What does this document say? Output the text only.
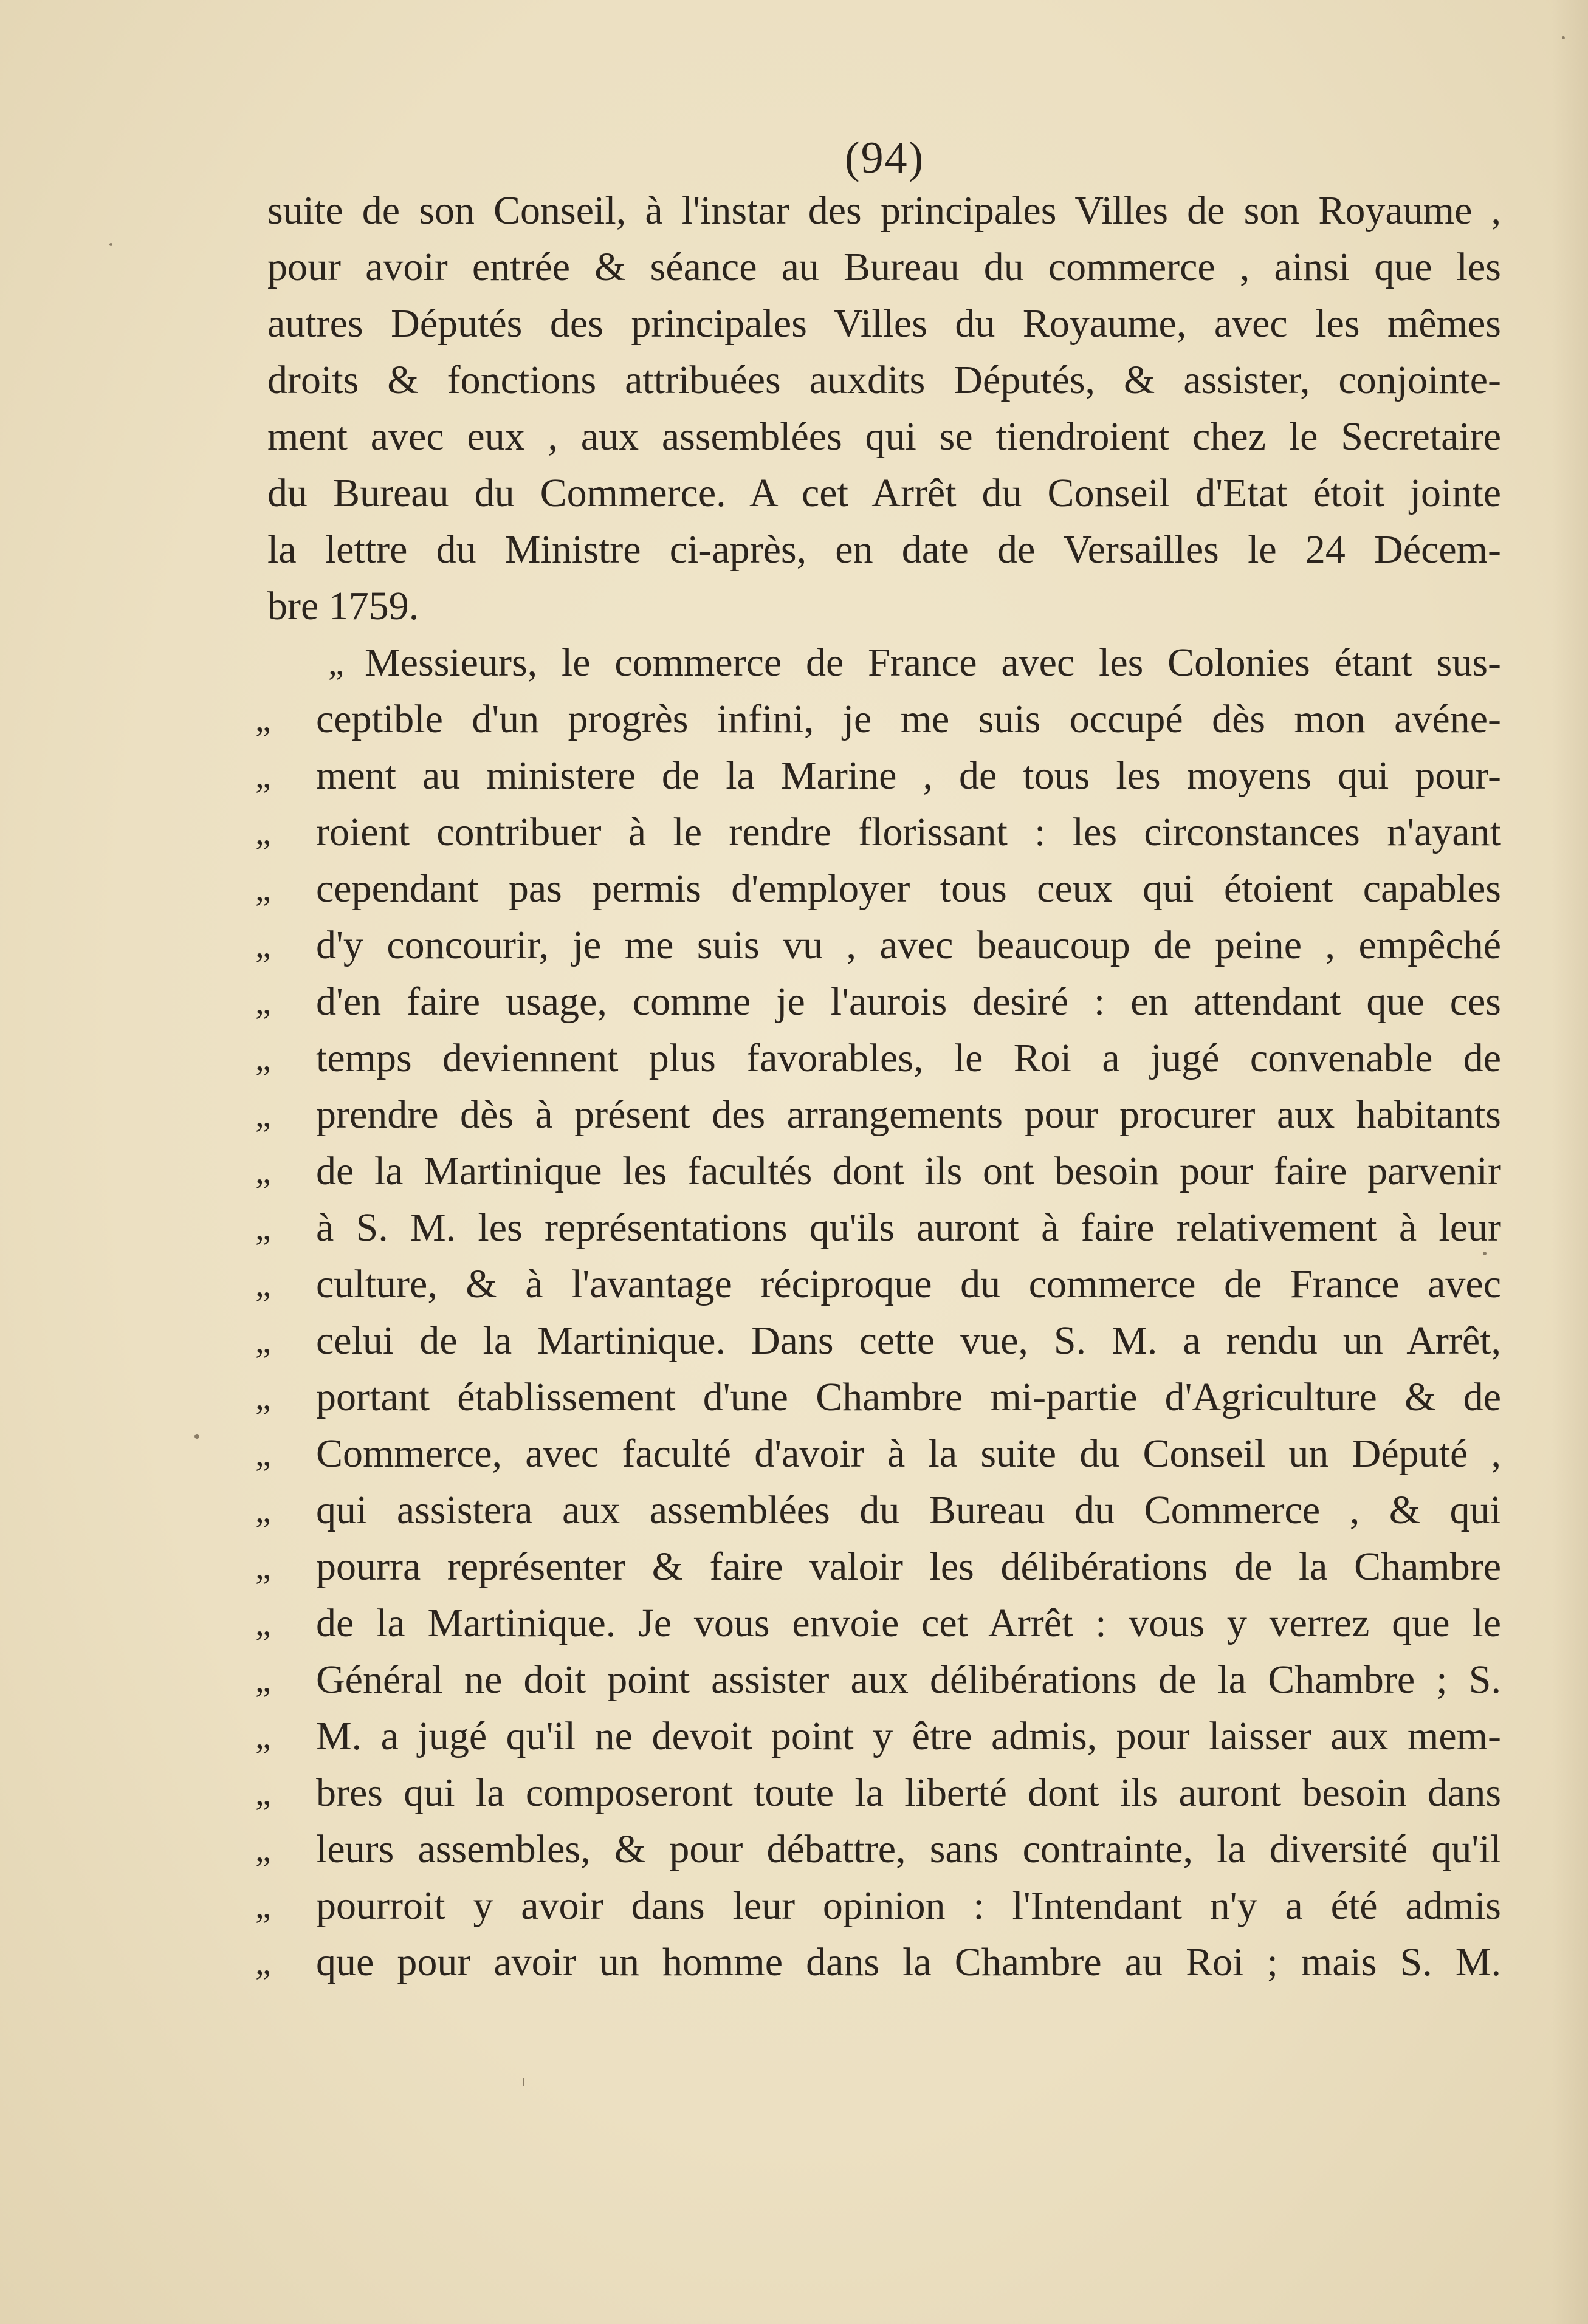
(94)
suite de son Conseil, à l'instar des principales Villes de son Royaume ,
pour avoir entrée & séance au Bureau du commerce , ainsi que les
autres Députés des principales Villes du Royaume, avec les mêmes
droits & fonctions attribuées auxdits Députés, & assister, conjointe-
ment avec eux , aux assemblées qui se tiendroient chez le Secretaire
du Bureau du Commerce. A cet Arrêt du Conseil d'Etat étoit jointe
la lettre du Ministre ci-après, en date de Versailles le 24 Décem-
bre 1759.
„ Messieurs, le commerce de France avec les Colonies étant sus-
„	ceptible d'un progrès infini, je me suis occupé dès mon avéne-
„	ment au ministere de la Marine , de tous les moyens qui pour-
„	roient contribuer à le rendre florissant : les circonstances n'ayant
„	cependant pas permis d'employer tous ceux qui étoient capables
„	d'y concourir, je me suis vu , avec beaucoup de peine , empêché
„	d'en faire usage, comme je l'aurois desiré : en attendant que ces
„	temps deviennent plus favorables, le Roi a jugé convenable de
„	prendre dès à présent des arrangements pour procurer aux habitants
„	de la Martinique les facultés dont ils ont besoin pour faire parvenir
„	à S. M. les représentations qu'ils auront à faire relativement à leur
„	culture, & à l'avantage réciproque du commerce de France avec
„	celui de la Martinique. Dans cette vue, S. M. a rendu un Arrêt,
„	portant établissement d'une Chambre mi-partie d'Agriculture & de
„	Commerce, avec faculté d'avoir à la suite du Conseil un Député ,
„	qui assistera aux assemblées du Bureau du Commerce , & qui
„	pourra représenter & faire valoir les délibérations de la Chambre
„	de la Martinique. Je vous envoie cet Arrêt : vous y verrez que le
„	Général ne doit point assister aux délibérations de la Chambre ; S.
„	M. a jugé qu'il ne devoit point y être admis, pour laisser aux mem-
„	bres qui la composeront toute la liberté dont ils auront besoin dans
„	leurs assembles, & pour débattre, sans contrainte, la diversité qu'il
„	pourroit y avoir dans leur opinion : l'Intendant n'y a été admis
„	que pour avoir un homme dans la Chambre au Roi ; mais S. M.
